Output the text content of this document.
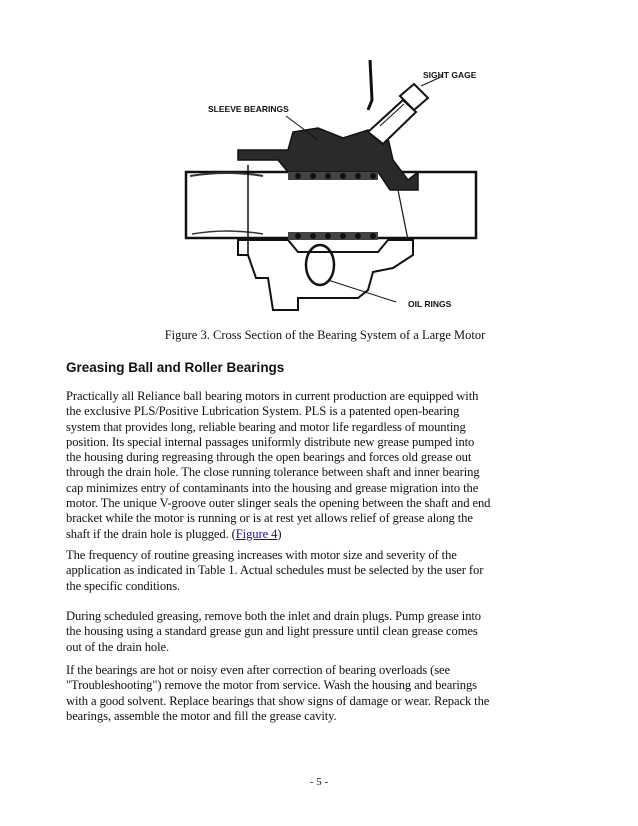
SIGHT GAGE
SLEEVE BEARINGS
OIL RINGS
Figure 3. Cross Section of the Bearing System of a Large Motor
Greasing Ball and Roller Bearings

Practically all Reliance ball bearing motors in current production are equipped with the exclusive PLS/Positive Lubrication System. PLS is a patented open-bearing system that provides long, reliable bearing and motor life regardless of mounting position. Its special internal passages uniformly distribute new grease pumped into the housing during regreasing through the open bearings and forces old grease out through the drain hole. The close running tolerance between shaft and inner bearing cap minimizes entry of contaminants into the housing and grease migration into the motor. The unique V-groove outer slinger seals the opening between the shaft and end bracket while the motor is running or is at rest yet allows relief of grease along the shaft if the drain hole is plugged. (Figure 4)

The frequency of routine greasing increases with motor size and severity of the application as indicated in Table 1. Actual schedules must be selected by the user for the specific conditions.

During scheduled greasing, remove both the inlet and drain plugs. Pump grease into the housing using a standard grease gun and light pressure until clean grease comes out of the drain hole.

If the bearings are hot or noisy even after correction of bearing overloads (see "Troubleshooting") remove the motor from service. Wash the housing and bearings with a good solvent. Replace bearings that show signs of damage or wear. Repack the bearings, assemble the motor and fill the grease cavity.

- 5 -
